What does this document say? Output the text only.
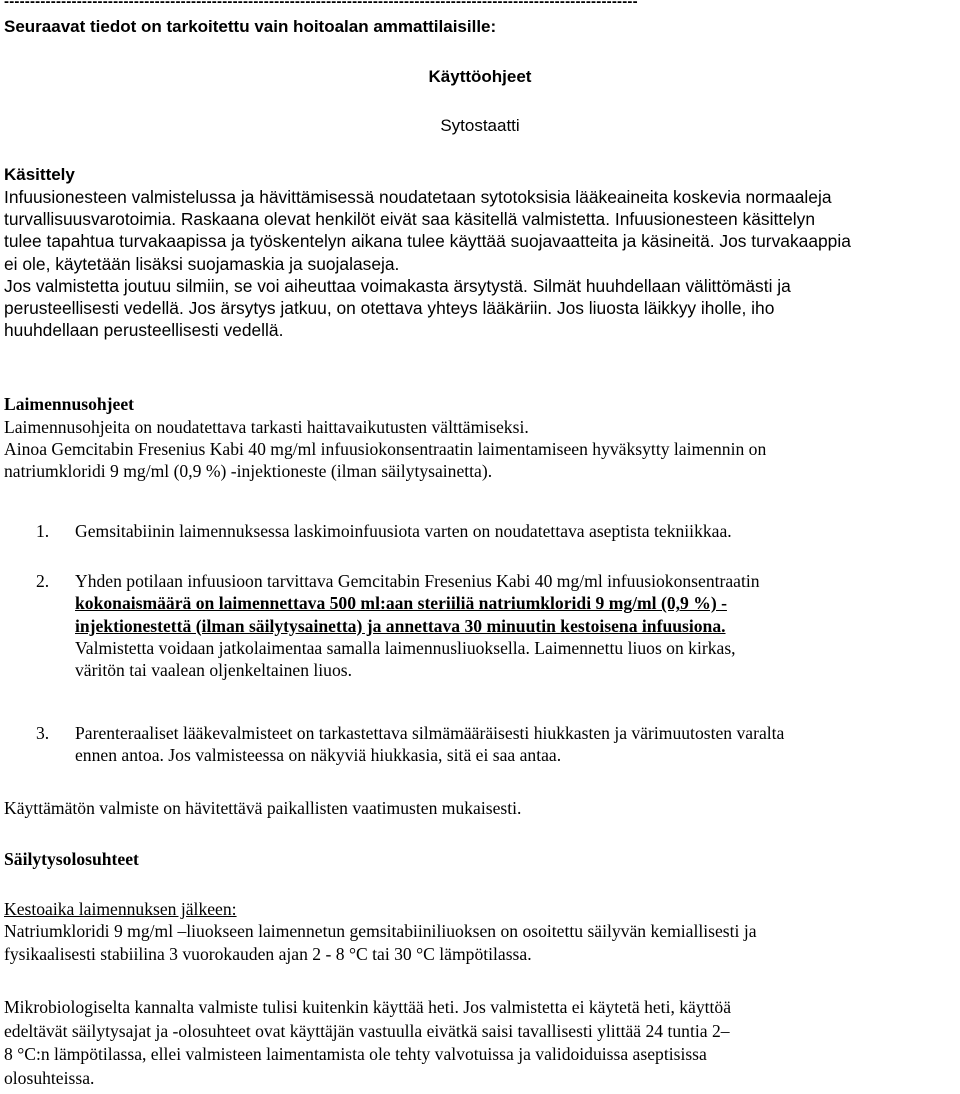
--------------------------------------------------------------------------------------------------------------------------
Seuraavat tiedot on tarkoitettu vain hoitoalan ammattilaisille:
Käyttöohjeet
Sytostaatti
Käsittely
Infuusionesteen valmistelussa ja hävittämisessä noudatetaan sytotoksisia lääkeaineita koskevia normaaleja
turvallisuusvarotoimia. Raskaana olevat henkilöt eivät saa käsitellä valmistetta. Infuusionesteen käsittelyn
tulee tapahtua turvakaapissa ja työskentelyn aikana tulee käyttää suojavaatteita ja käsineitä. Jos turvakaappia
ei ole, käytetään lisäksi suojamaskia ja suojalaseja.
Jos valmistetta joutuu silmiin, se voi aiheuttaa voimakasta ärsytystä. Silmät huuhdellaan välittömästi ja
perusteellisesti vedellä. Jos ärsytys jatkuu, on otettava yhteys lääkäriin. Jos liuosta läikkyy iholle, iho
huuhdellaan perusteellisesti vedellä.
Laimennusohjeet
Laimennusohjeita on noudatettava tarkasti haittavaikutusten välttämiseksi.
Ainoa Gemcitabin Fresenius Kabi 40 mg/ml infuusiokonsentraatin laimentamiseen hyväksytty laimennin on
natriumkloridi 9 mg/ml (0,9 %) -injektioneste (ilman säilytysainetta).
1. Gemsitabiinin laimennuksessa laskimoinfuusiota varten on noudatettava aseptista tekniikkaa.
2. Yhden potilaan infuusioon tarvittava Gemcitabin Fresenius Kabi 40 mg/ml infuusiokonsentraatin
kokonaismäärä on laimennettava 500 ml:aan steriiliä natriumkloridi 9 mg/ml (0,9 %) -
injektionestettä (ilman säilytysainetta) ja annettava 30 minuutin kestoisena infuusiona.
Valmistetta voidaan jatkolaimentaa samalla laimennusliuoksella. Laimennettu liuos on kirkas,
väritön tai vaalean oljenkeltainen liuos.
3. Parenteraaliset lääkevalmisteet on tarkastettava silmämääräisesti hiukkasten ja värimuutosten varalta
ennen antoa. Jos valmisteessa on näkyviä hiukkasia, sitä ei saa antaa.
Käyttämätön valmiste on hävitettävä paikallisten vaatimusten mukaisesti.
Säilytysolosuhteet
Kestoaika laimennuksen jälkeen:
Natriumkloridi 9 mg/ml –liuokseen laimennetun gemsitabiiniliuoksen on osoitettu säilyvän kemiallisesti ja
fysikaalisesti stabiilina 3 vuorokauden ajan 2 - 8 °C tai 30 °C lämpötilassa.
Mikrobiologiselta kannalta valmiste tulisi kuitenkin käyttää heti. Jos valmistetta ei käytetä heti, käyttöä
edeltävät säilytysajat ja -olosuhteet ovat käyttäjän vastuulla eivätkä saisi tavallisesti ylittää 24 tuntia 2–
8 °C:n lämpötilassa, ellei valmisteen laimentamista ole tehty valvotuissa ja validoiduissa aseptisissa
olosuhteissa.
